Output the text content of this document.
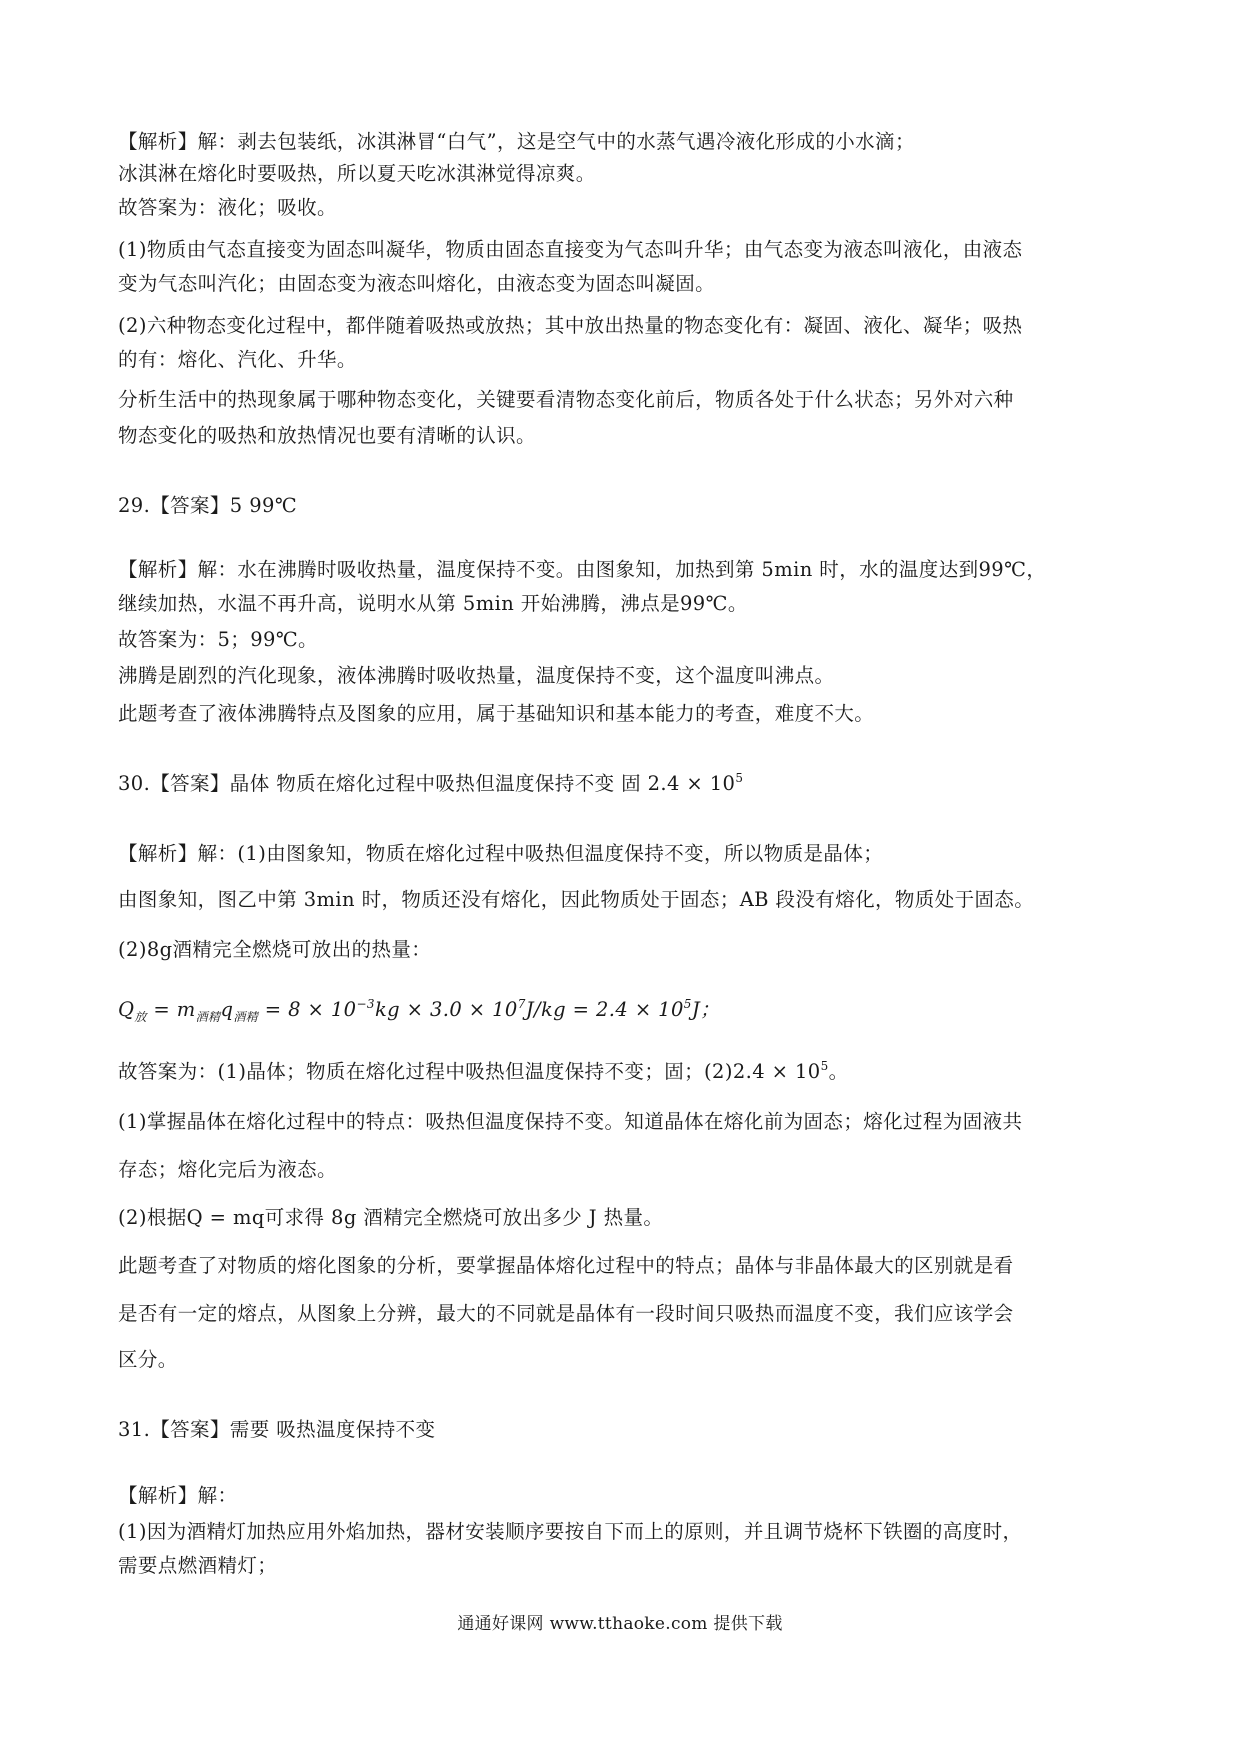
【解析】解：剥去包装纸，冰淇淋冒“白气”，这是空气中的水蒸气遇冷液化形成的小水滴；
冰淇淋在熔化时要吸热，所以夏天吃冰淇淋觉得凉爽。
故答案为：液化；吸收。
(1)物质由气态直接变为固态叫凝华，物质由固态直接变为气态叫升华；由气态变为液态叫液化，由液态
变为气态叫汽化；由固态变为液态叫熔化，由液态变为固态叫凝固。
(2)六种物态变化过程中，都伴随着吸热或放热；其中放出热量的物态变化有：凝固、液化、凝华；吸热
的有：熔化、汽化、升华。
分析生活中的热现象属于哪种物态变化，关键要看清物态变化前后，物质各处于什么状态；另外对六种
物态变化的吸热和放热情况也要有清晰的认识。
29.【答案】5 99℃
【解析】解：水在沸腾时吸收热量，温度保持不变。由图象知，加热到第 5min 时，水的温度达到99℃，
继续加热，水温不再升高，说明水从第 5min 开始沸腾，沸点是99℃。
故答案为：5；99℃。
沸腾是剧烈的汽化现象，液体沸腾时吸收热量，温度保持不变，这个温度叫沸点。
此题考查了液体沸腾特点及图象的应用，属于基础知识和基本能力的考查，难度不大。
30.【答案】晶体 物质在熔化过程中吸热但温度保持不变 固 $2.4 \times 10^5$
【解析】解：(1)由图象知，物质在熔化过程中吸热但温度保持不变，所以物质是晶体；
由图象知，图乙中第 3min 时，物质还没有熔化，因此物质处于固态；AB 段没有熔化，物质处于固态。
(2)8g酒精完全燃烧可放出的热量：
$Q_放 = m_{酒精}q_{酒精} = 8 \times 10^{-3}kg \times 3.0 \times 10^7J/kg = 2.4 \times 10^5J$；
故答案为：(1)晶体；物质在熔化过程中吸热但温度保持不变；固；$(2)2.4 \times 10^5$。
(1)掌握晶体在熔化过程中的特点：吸热但温度保持不变。知道晶体在熔化前为固态；熔化过程为固液共
存态；熔化完后为液态。
(2)根据Q = mq可求得 8g 酒精完全燃烧可放出多少 J 热量。
此题考查了对物质的熔化图象的分析，要掌握晶体熔化过程中的特点；晶体与非晶体最大的区别就是看
是否有一定的熔点，从图象上分辨，最大的不同就是晶体有一段时间只吸热而温度不变，我们应该学会
区分。
31.【答案】需要 吸热温度保持不变
【解析】解：
(1)因为酒精灯加热应用外焰加热，器材安装顺序要按自下而上的原则，并且调节烧杯下铁圈的高度时，
需要点燃酒精灯；
通通好课网 www.tthaoke.com 提供下载
